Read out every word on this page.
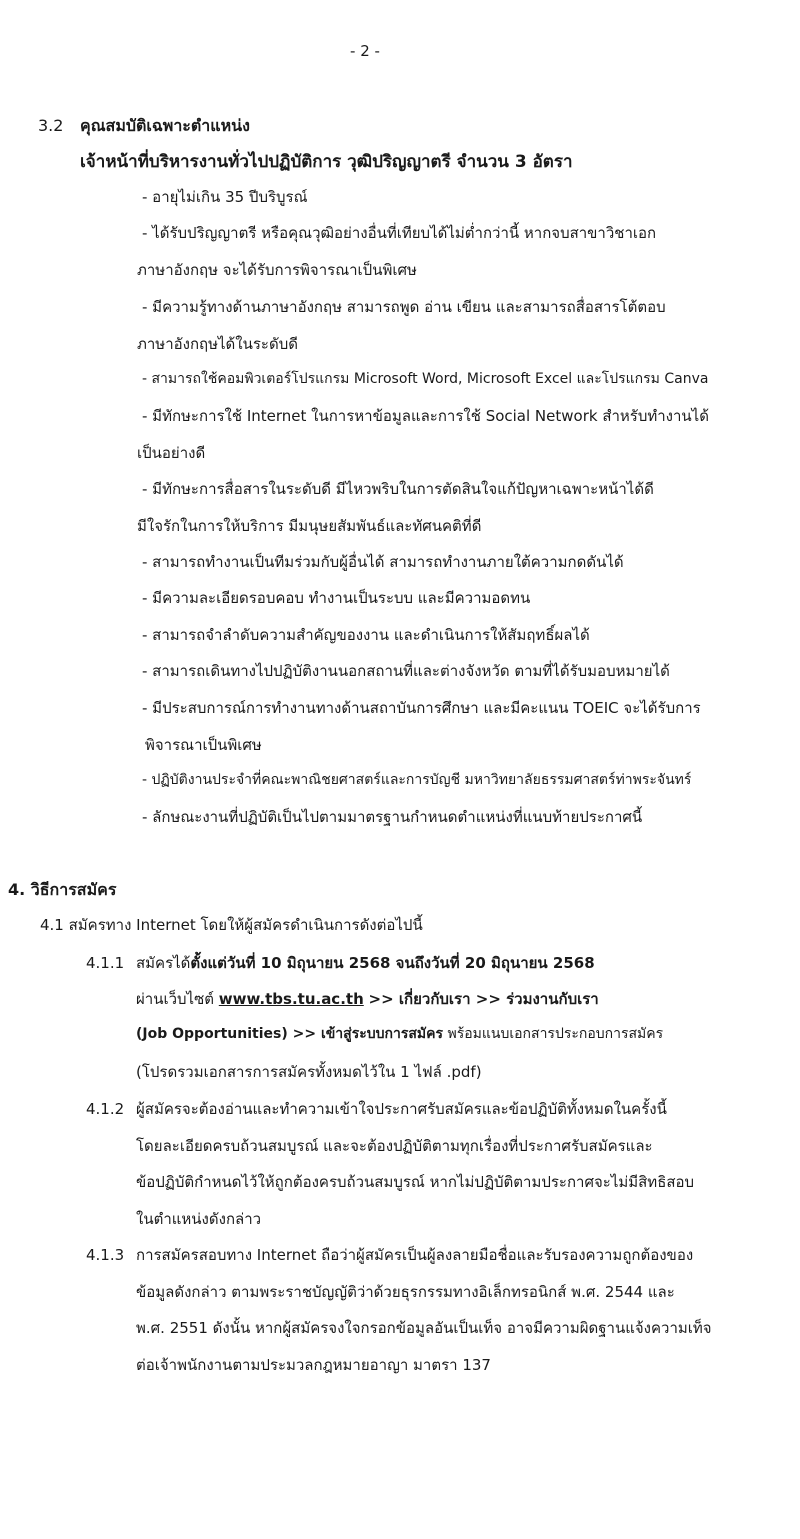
- 2 -
3.2 คุณสมบัติเฉพาะตำแหน่ง
เจ้าหน้าที่บริหารงานทั่วไปปฏิบัติการ วุฒิปริญญาตรี จำนวน 3 อัตรา
- อายุไม่เกิน 35 ปีบริบูรณ์
- ได้รับปริญญาตรี หรือคุณวุฒิอย่างอื่นที่เทียบได้ไม่ต่ำกว่านี้ หากจบสาขาวิชาเอก
ภาษาอังกฤษ จะได้รับการพิจารณาเป็นพิเศษ
- มีความรู้ทางด้านภาษาอังกฤษ สามารถพูด อ่าน เขียน และสามารถสื่อสารโต้ตอบ
ภาษาอังกฤษได้ในระดับดี
- สามารถใช้คอมพิวเตอร์โปรแกรม Microsoft Word, Microsoft Excel และโปรแกรม Canva
- มีทักษะการใช้ Internet ในการหาข้อมูลและการใช้ Social Network สำหรับทำงานได้
เป็นอย่างดี
- มีทักษะการสื่อสารในระดับดี มีไหวพริบในการตัดสินใจแก้ปัญหาเฉพาะหน้าได้ดี
มีใจรักในการให้บริการ มีมนุษยสัมพันธ์และทัศนคติที่ดี
- สามารถทำงานเป็นทีมร่วมกับผู้อื่นได้ สามารถทำงานภายใต้ความกดดันได้
- มีความละเอียดรอบคอบ ทำงานเป็นระบบ และมีความอดทน
- สามารถจำลำดับความสำคัญของงาน และดำเนินการให้สัมฤทธิ์ผลได้
- สามารถเดินทางไปปฏิบัติงานนอกสถานที่และต่างจังหวัด ตามที่ได้รับมอบหมายได้
- มีประสบการณ์การทำงานทางด้านสถาบันการศึกษา และมีคะแนน TOEIC จะได้รับการ
พิจารณาเป็นพิเศษ
- ปฏิบัติงานประจำที่คณะพาณิชยศาสตร์และการบัญชี มหาวิทยาลัยธรรมศาสตร์ท่าพระจันทร์
- ลักษณะงานที่ปฏิบัติเป็นไปตามมาตรฐานกำหนดตำแหน่งที่แนบท้ายประกาศนี้
4. วิธีการสมัคร
4.1 สมัครทาง Internet โดยให้ผู้สมัครดำเนินการดังต่อไปนี้
4.1.1 สมัครได้ตั้งแต่วันที่ 10 มิถุนายน 2568 จนถึงวันที่ 20 มิถุนายน 2568
ผ่านเว็บไซต์ www.tbs.tu.ac.th >> เกี่ยวกับเรา >> ร่วมงานกับเรา
(Job Opportunities) >> เข้าสู่ระบบการสมัคร พร้อมแนบเอกสารประกอบการสมัคร
(โปรดรวมเอกสารการสมัครทั้งหมดไว้ใน 1 ไฟล์ .pdf)
4.1.2 ผู้สมัครจะต้องอ่านและทำความเข้าใจประกาศรับสมัครและข้อปฏิบัติทั้งหมดในครั้งนี้
โดยละเอียดครบถ้วนสมบูรณ์ และจะต้องปฏิบัติตามทุกเรื่องที่ประกาศรับสมัครและ
ข้อปฏิบัติกำหนดไว้ให้ถูกต้องครบถ้วนสมบูรณ์ หากไม่ปฏิบัติตามประกาศจะไม่มีสิทธิสอบ
ในตำแหน่งดังกล่าว
4.1.3 การสมัครสอบทาง Internet ถือว่าผู้สมัครเป็นผู้ลงลายมือชื่อและรับรองความถูกต้องของ
ข้อมูลดังกล่าว ตามพระราชบัญญัติว่าด้วยธุรกรรมทางอิเล็กทรอนิกส์ พ.ศ. 2544 และ
พ.ศ. 2551 ดังนั้น หากผู้สมัครจงใจกรอกข้อมูลอันเป็นเท็จ อาจมีความผิดฐานแจ้งความเท็จ
ต่อเจ้าพนักงานตามประมวลกฎหมายอาญา มาตรา 137
